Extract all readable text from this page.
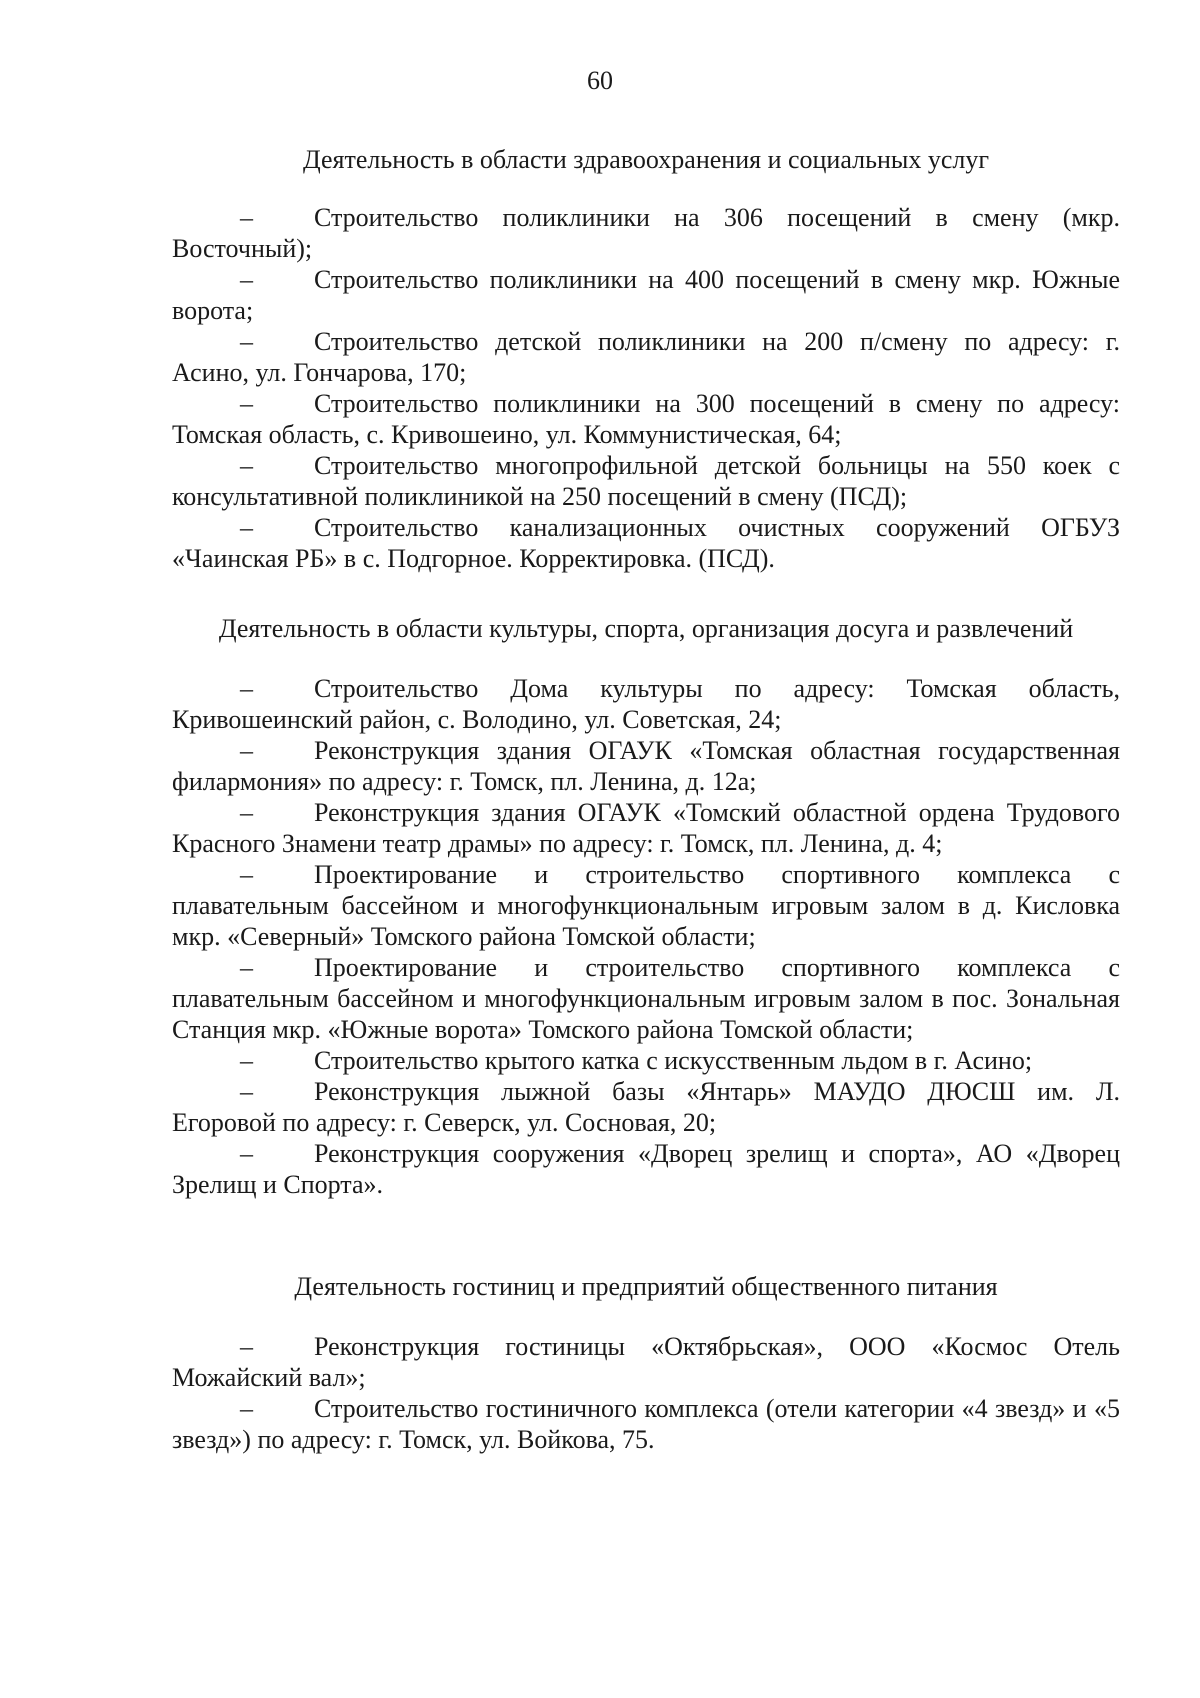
60
Деятельность в области здравоохранения и социальных услуг

– Строительство поликлиники на 306 посещений в смену (мкр. Восточный);

– Строительство поликлиники на 400 посещений в смену мкр. Южные ворота;

– Строительство детской поликлиники на 200 п/смену по адресу: г. Асино, ул. Гончарова, 170;

– Строительство поликлиники на 300 посещений в смену по адресу: Томская область, с. Кривошеино, ул. Коммунистическая, 64;

– Строительство многопрофильной детской больницы на 550 коек с консультативной поликлиникой на 250 посещений в смену (ПСД);

– Строительство канализационных очистных сооружений ОГБУЗ «Чаинская РБ» в с. Подгорное. Корректировка. (ПСД).

Деятельность в области культуры, спорта, организация досуга и развлечений

– Строительство Дома культуры по адресу: Томская область, Кривошеинский район, с. Володино, ул. Советская, 24;

– Реконструкция здания ОГАУК «Томская областная государственная филармония» по адресу: г. Томск, пл. Ленина, д. 12а;

– Реконструкция здания ОГАУК «Томский областной ордена Трудового Красного Знамени театр драмы» по адресу: г. Томск, пл. Ленина, д. 4;

– Проектирование и строительство спортивного комплекса с плавательным бассейном и многофункциональным игровым залом в д. Кисловка мкр. «Северный» Томского района Томской области;

– Проектирование и строительство спортивного комплекса с плавательным бассейном и многофункциональным игровым залом в пос. Зональная Станция мкр. «Южные ворота» Томского района Томской области;

– Строительство крытого катка с искусственным льдом в г. Асино;

– Реконструкция лыжной базы «Янтарь» МАУДО ДЮСШ им. Л. Егоровой по адресу: г. Северск, ул. Сосновая, 20;

– Реконструкция сооружения «Дворец зрелищ и спорта», АО «Дворец Зрелищ и Спорта».

Деятельность гостиниц и предприятий общественного питания

– Реконструкция гостиницы «Октябрьская», ООО «Космос Отель Можайский вал»;

– Строительство гостиничного комплекса (отели категории «4 звезд» и «5 звезд») по адресу: г. Томск, ул. Войкова, 75.
